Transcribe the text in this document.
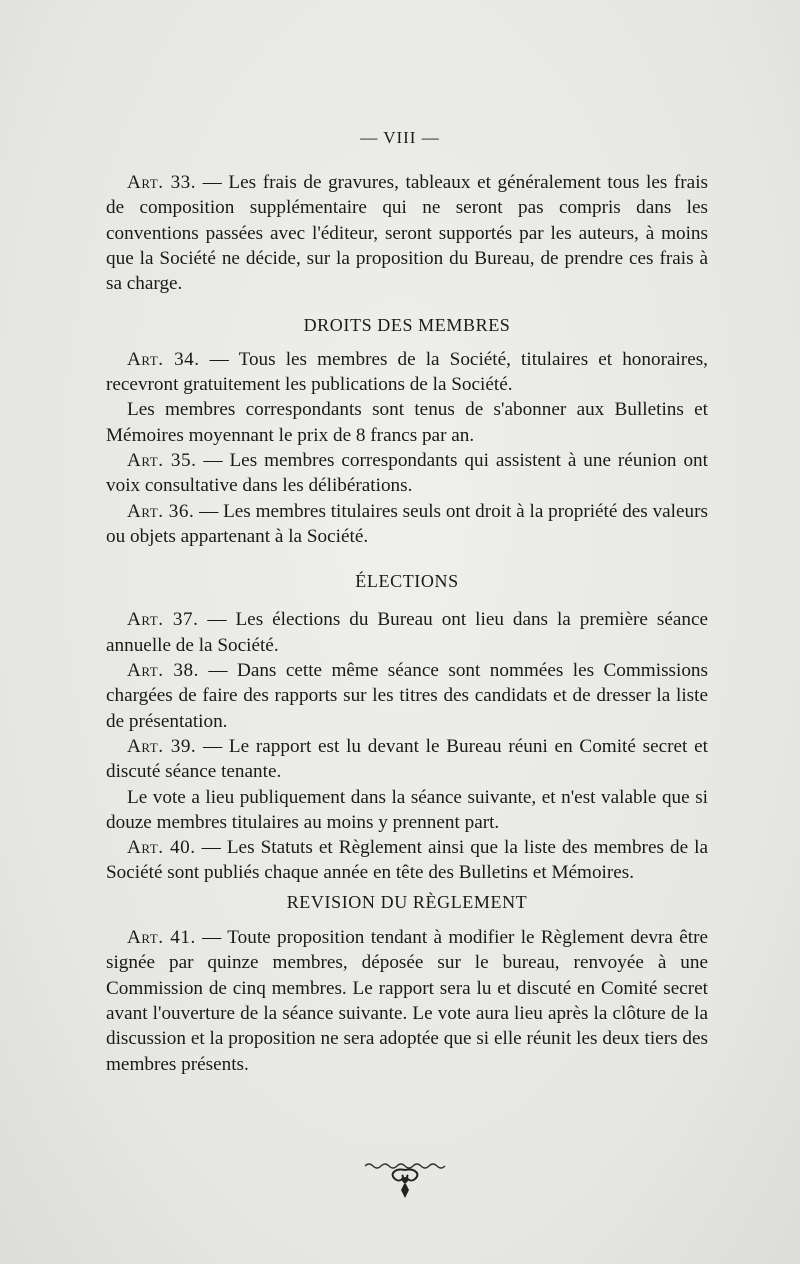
— VIII —

Art. 33. — Les frais de gravures, tableaux et généralement tous les frais de composition supplémentaire qui ne seront pas compris dans les conventions passées avec l'éditeur, seront supportés par les auteurs, à moins que la Société ne décide, sur la proposition du Bureau, de prendre ces frais à sa charge.

DROITS DES MEMBRES

Art. 34. — Tous les membres de la Société, titulaires et honoraires, recevront gratuitement les publications de la Société.

Les membres correspondants sont tenus de s'abonner aux Bulletins et Mémoires moyennant le prix de 8 francs par an.

Art. 35. — Les membres correspondants qui assistent à une réunion ont voix consultative dans les délibérations.

Art. 36. — Les membres titulaires seuls ont droit à la propriété des valeurs ou objets appartenant à la Société.

ÉLECTIONS

Art. 37. — Les élections du Bureau ont lieu dans la première séance annuelle de la Société.

Art. 38. — Dans cette même séance sont nommées les Commissions chargées de faire des rapports sur les titres des candidats et de dresser la liste de présentation.

Art. 39. — Le rapport est lu devant le Bureau réuni en Comité secret et discuté séance tenante.

Le vote a lieu publiquement dans la séance suivante, et n'est valable que si douze membres titulaires au moins y prennent part.

Art. 40. — Les Statuts et Règlement ainsi que la liste des membres de la Société sont publiés chaque année en tête des Bulletins et Mémoires.

REVISION DU RÈGLEMENT

Art. 41. — Toute proposition tendant à modifier le Règlement devra être signée par quinze membres, déposée sur le bureau, renvoyée à une Commission de cinq membres. Le rapport sera lu et discuté en Comité secret avant l'ouverture de la séance suivante. Le vote aura lieu après la clôture de la discussion et la proposition ne sera adoptée que si elle réunit les deux tiers des membres présents.
